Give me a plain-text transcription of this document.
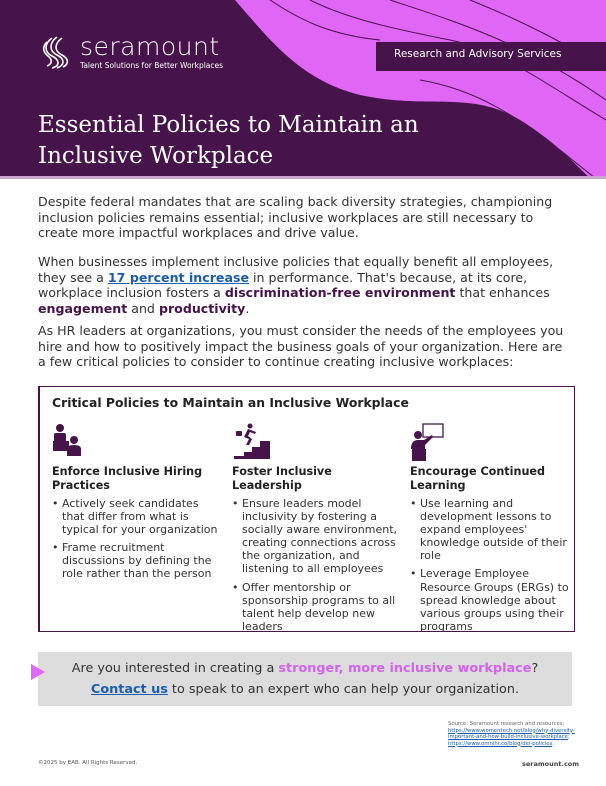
seramount
Talent Solutions for Better Workplaces
Research and Advisory Services
Essential Policies to Maintain an
Inclusive Workplace

Despite federal mandates that are scaling back diversity strategies, championing inclusion policies remains essential; inclusive workplaces are still necessary to create more impactful workplaces and drive value.

When businesses implement inclusive policies that equally benefit all employees, they see a 17 percent increase in performance. That's because, at its core, workplace inclusion fosters a discrimination-free environment that enhances engagement and productivity.

As HR leaders at organizations, you must consider the needs of the employees you hire and how to positively impact the business goals of your organization. Here are a few critical policies to consider to continue creating inclusive workplaces:

Critical Policies to Maintain an Inclusive Workplace
Enforce Inclusive Hiring Practices
• Actively seek candidates that differ from what is typical for your organization
• Frame recruitment discussions by defining the role rather than the person
Foster Inclusive Leadership
• Ensure leaders model inclusivity by fostering a socially aware environment, creating connections across the organization, and listening to all employees
• Offer mentorship or sponsorship programs to all talent help develop new leaders
Encourage Continued Learning
• Use learning and development lessons to expand employees' knowledge outside of their role
• Leverage Employee Resource Groups (ERGs) to spread knowledge about various groups using their programs
Are you interested in creating a stronger, more inclusive workplace?
Contact us to speak to an expert who can help your organization.
Source: Seramount research and resources; https://www.womentech.net/blog/why-diversity-important-and-how-build-inclusive-workplace; https://www.omnihr.co/blog/dei-policies.
©2025 by EAB. All Rights Reserved.	seramount.com
